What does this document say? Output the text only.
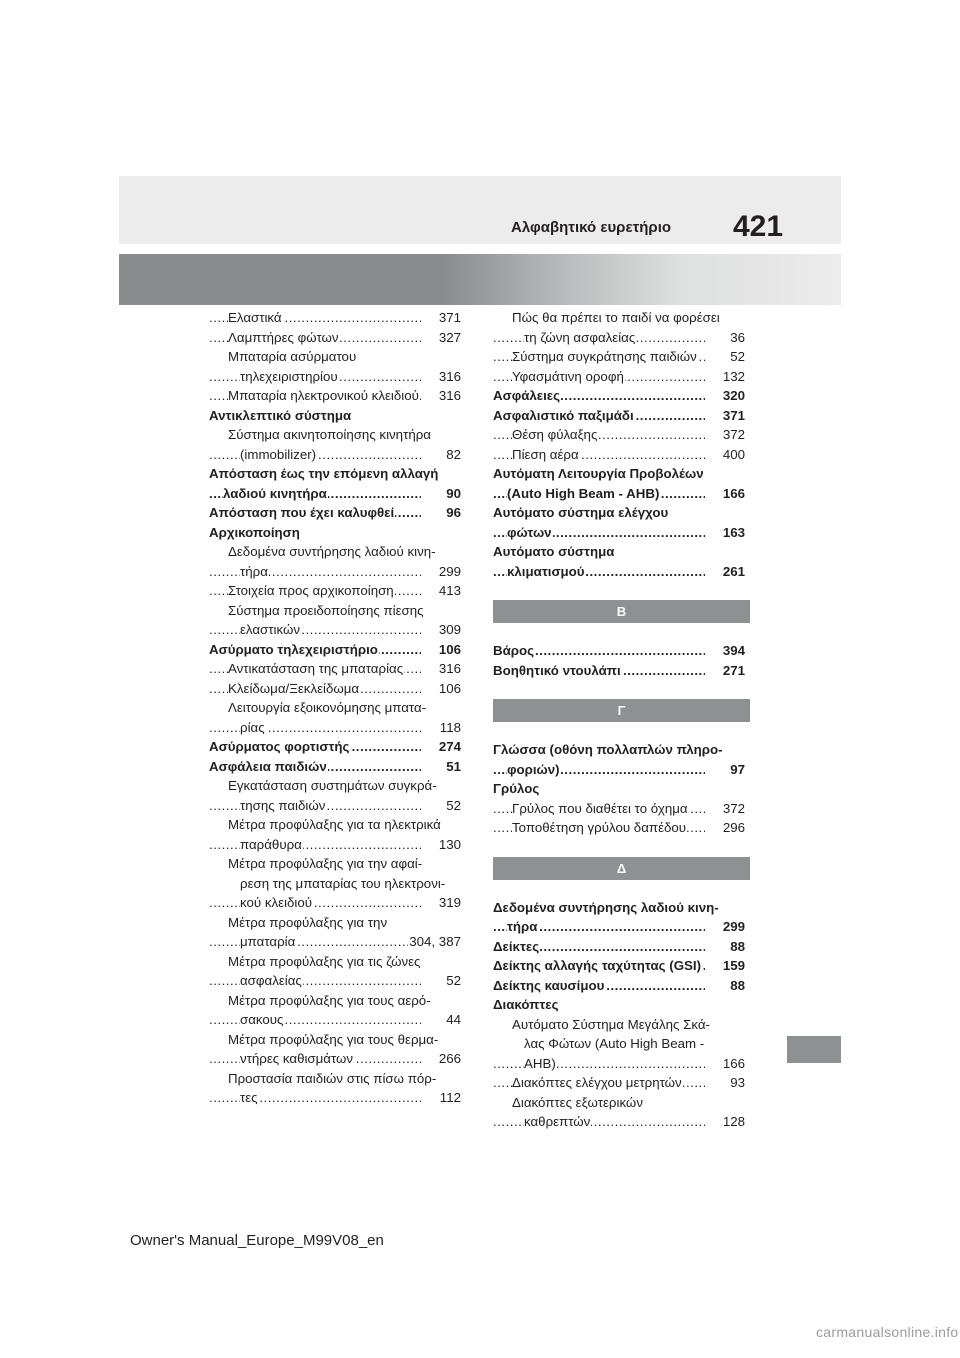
Αλφαβητικό ευρετήριο 421
Ελαστικά	371
.....
Λαμπτήρες φώτων	327
.....
Μπαταρία ασύρματου
τηλεχειριστηρίου	316
.....
Μπαταρία ηλεκτρονικού κλειδιού 316
.....
Αντικλεπτικό σύστημα
Σύστημα ακινητοποίησης κινητήρα
(immobilizer)	82
.....
Απόσταση έως την επόμενη αλλαγή
λαδιού κινητήρα	90
.....
Απόσταση που έχει καλυφθεί	96
.....
Αρχικοποίηση
Δεδομένα συντήρησης λαδιού κινη-
τήρα	299
.....
Στοιχεία προς αρχικοποίηση	413
.....
Σύστημα προειδοποίησης πίεσης
ελαστικών	309
.....
Ασύρματο τηλεχειριστήριο	106
.....
Αντικατάσταση της μπαταρίας	316
.....
Κλείδωμα/Ξεκλείδωμα	106
.....
Λειτουργία εξοικονόμησης μπατα-
ρίας	118
.....
Ασύρματος φορτιστής	274
.....
Ασφάλεια παιδιών	51
.....
Εγκατάσταση συστημάτων συγκρά-
τησης παιδιών	52
.....
Μέτρα προφύλαξης για τα ηλεκτρικά
παράθυρα	130
.....
Μέτρα προφύλαξης για την αφαί-
ρεση της μπαταρίας του ηλεκτρονι-
κού κλειδιού	319
.....
Μέτρα προφύλαξης για την
μπαταρία	304, 387
.....
Μέτρα προφύλαξης για τις ζώνες
ασφαλείας	52
.....
Μέτρα προφύλαξης για τους αερό-
σακους	44
.....
Μέτρα προφύλαξης για τους θερμα-
ντήρες καθισμάτων	266
.....
Προστασία παιδιών στις πίσω πόρ-
τες	112
.....
Πώς θα πρέπει το παιδί να φορέσει
τη ζώνη ασφαλείας	36
.....
Σύστημα συγκράτησης παιδιών	52
.....
Υφασμάτινη οροφή	132
.....
Ασφάλειες	320
.....
Ασφαλιστικό παξιμάδι	371
.....
Θέση φύλαξης	372
.....
Πίεση αέρα	400
.....
Αυτόματη Λειτουργία Προβολέων
(Auto High Beam - AHB)	166
.....
Αυτόματο σύστημα ελέγχου
φώτων	163
.....
Αυτόματο σύστημα
κλιματισμού	261
.....
Β
Βάρος	394
.....
Βοηθητικό ντουλάπι	271
.....
Γ
Γλώσσα (οθόνη πολλαπλών πληρο-
φοριών)	97
.....
Γρύλος
Γρύλος που διαθέτει το όχημα	372
.....
Τοποθέτηση γρύλου δαπέδου	296
.....
Δ
Δεδομένα συντήρησης λαδιού κινη-
τήρα	299
.....
Δείκτες	88
.....
Δείκτης αλλαγής ταχύτητας (GSI) 159
.....
Δείκτης καυσίμου	88
.....
Διακόπτες
Αυτόματο Σύστημα Μεγάλης Σκά-
λας Φώτων (Auto High Beam -
AHB)	166
.....
Διακόπτες ελέγχου μετρητών	93
.....
Διακόπτες εξωτερικών
καθρεπτών	128
.....
Owner's Manual_Europe_M99V08_en
carmanualsonline.info
